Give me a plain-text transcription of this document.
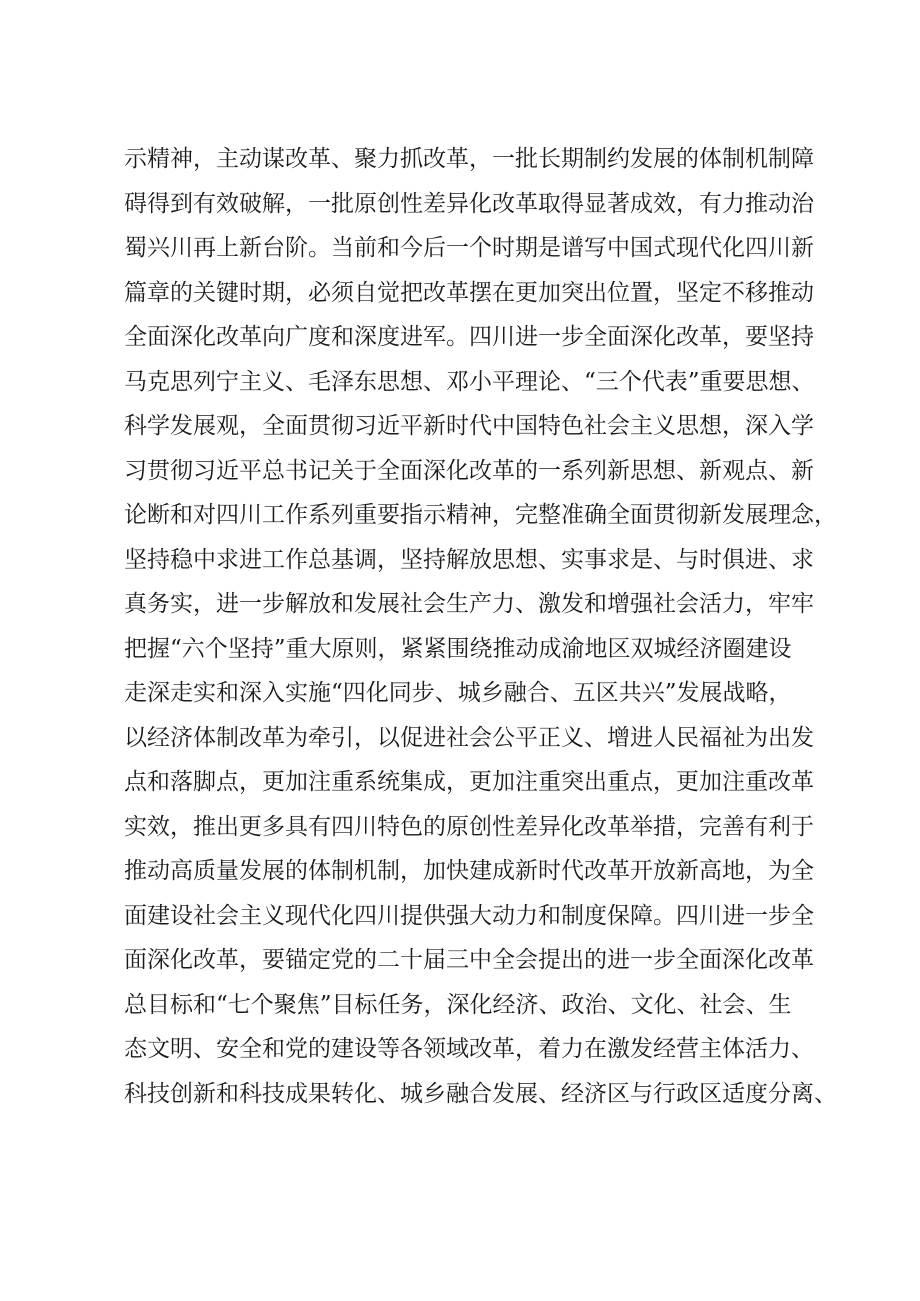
示精神，主动谋改革、聚力抓改革，一批长期制约发展的体制机制障
碍得到有效破解，一批原创性差异化改革取得显著成效，有力推动治
蜀兴川再上新台阶。当前和今后一个时期是谱写中国式现代化四川新
篇章的关键时期，必须自觉把改革摆在更加突出位置，坚定不移推动
全面深化改革向广度和深度进军。四川进一步全面深化改革，要坚持
马克思列宁主义、毛泽东思想、邓小平理论、“三个代表”重要思想、
科学发展观，全面贯彻习近平新时代中国特色社会主义思想，深入学
习贯彻习近平总书记关于全面深化改革的一系列新思想、新观点、新
论断和对四川工作系列重要指示精神，完整准确全面贯彻新发展理念，
坚持稳中求进工作总基调，坚持解放思想、实事求是、与时俱进、求
真务实，进一步解放和发展社会生产力、激发和增强社会活力，牢牢
把握“六个坚持”重大原则，紧紧围绕推动成渝地区双城经济圈建设
走深走实和深入实施“四化同步、城乡融合、五区共兴”发展战略，
以经济体制改革为牵引，以促进社会公平正义、增进人民福祉为出发
点和落脚点，更加注重系统集成，更加注重突出重点，更加注重改革
实效，推出更多具有四川特色的原创性差异化改革举措，完善有利于
推动高质量发展的体制机制，加快建成新时代改革开放新高地，为全
面建设社会主义现代化四川提供强大动力和制度保障。四川进一步全
面深化改革，要锚定党的二十届三中全会提出的进一步全面深化改革
总目标和“七个聚焦”目标任务，深化经济、政治、文化、社会、生
态文明、安全和党的建设等各领域改革，着力在激发经营主体活力、
科技创新和科技成果转化、城乡融合发展、经济区与行政区适度分离、
